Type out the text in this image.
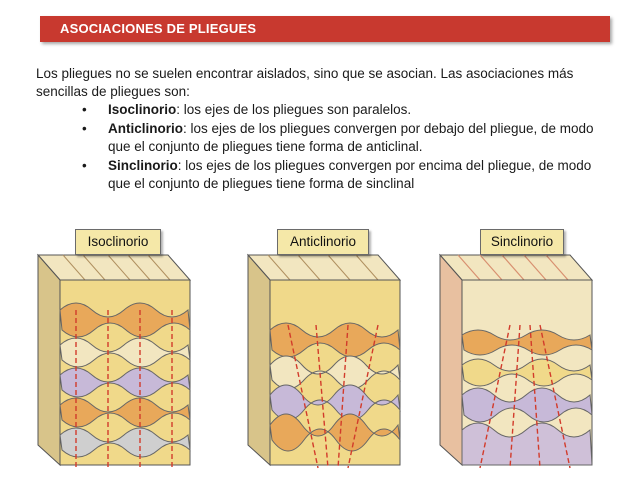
ASOCIACIONES DE PLIEGUES
Los pliegues no se suelen encontrar aislados, sino que se asocian. Las asociaciones más sencillas de pliegues son:
• Isoclinorio: los ejes de los pliegues son paralelos.
• Anticlinorio: los ejes de los pliegues convergen por debajo del pliegue, de modo que el conjunto de pliegues tiene forma de anticlinal.
• Sinclinorio: los ejes de los pliegues convergen por encima del pliegue, de modo que el conjunto de pliegues tiene forma de sinclinal
Isoclinorio	Anticlinorio	Sinclinorio
